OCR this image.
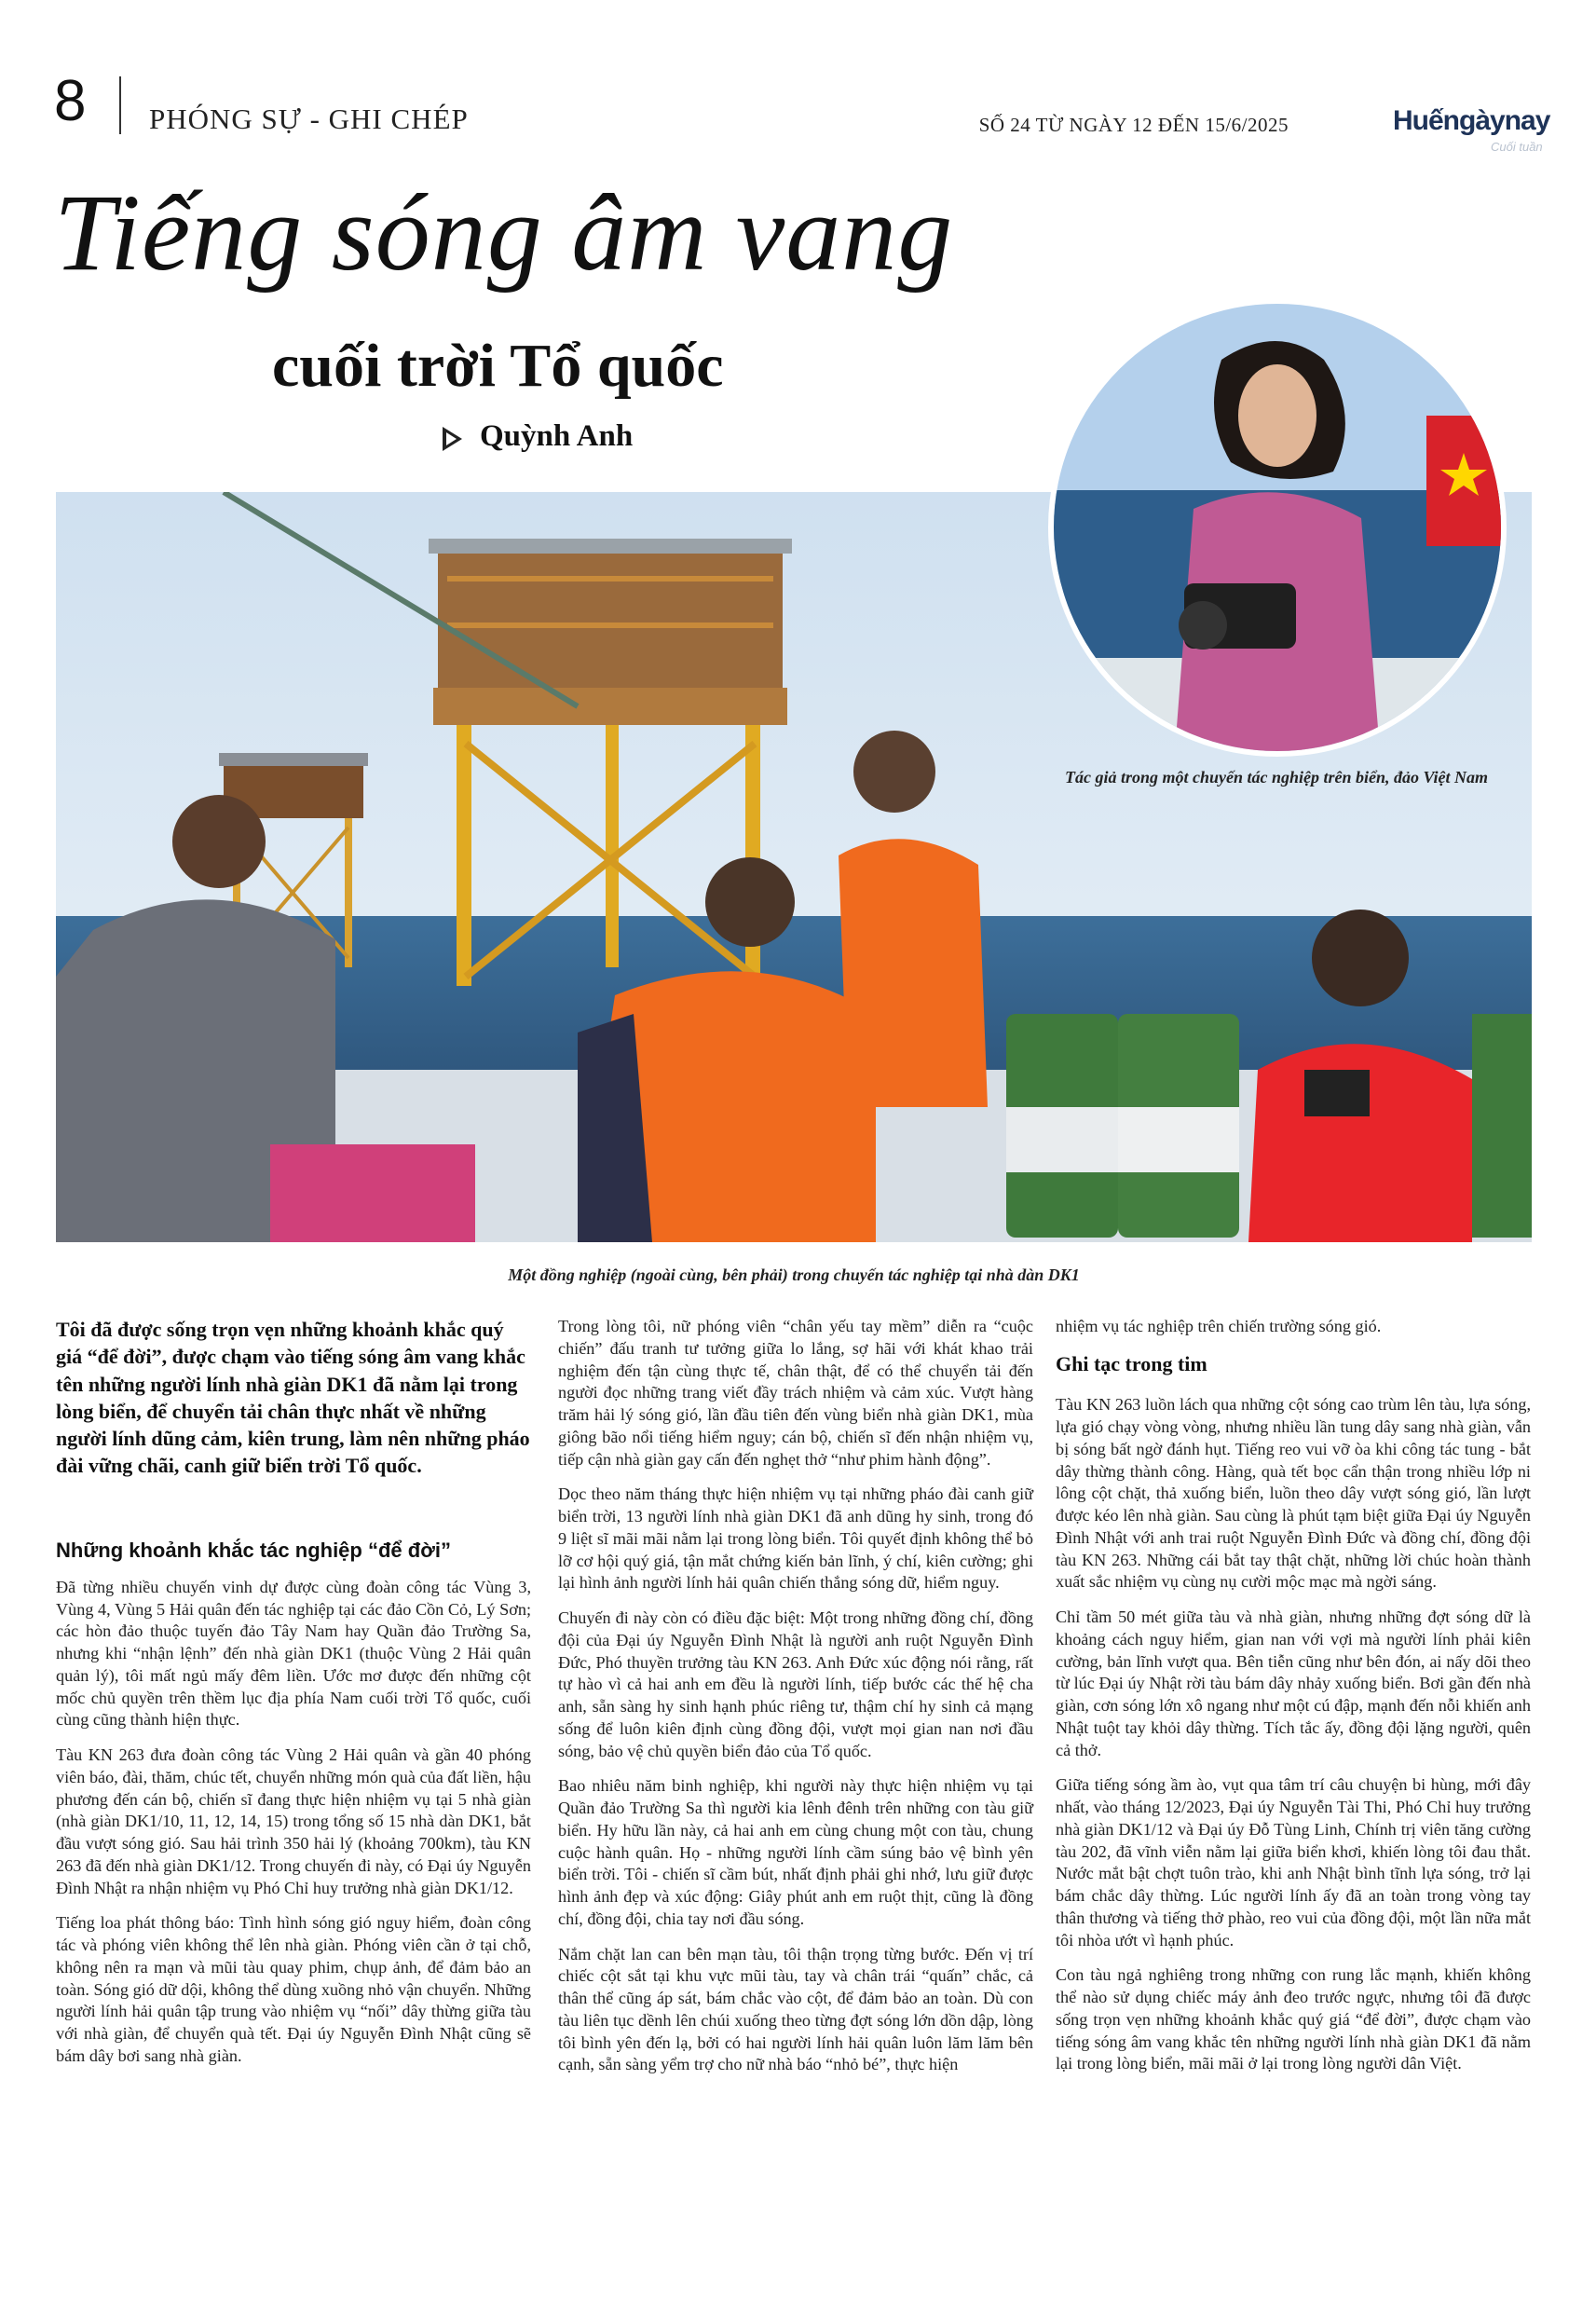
8 PHÓNG SỰ - GHI CHÉP	SỐ 24 TỪ NGÀY 12 ĐẾN 15/6/2025	Huếngàynay
Cuối tuần
Tiếng sóng âm vang
cuối trời Tổ quốc
Quỳnh Anh
Tác giả trong một chuyến tác nghiệp trên biển, đảo Việt Nam
Một đồng nghiệp (ngoài cùng, bên phải) trong chuyến tác nghiệp tại nhà dàn DK1

Tôi đã được sống trọn vẹn những khoảnh khắc quý giá “để đời”, được chạm vào tiếng sóng âm vang khắc tên những người lính nhà giàn DK1 đã nằm lại trong lòng biển, để chuyển tải chân thực nhất về những người lính dũng cảm, kiên trung, làm nên những pháo đài vững chãi, canh giữ biển trời Tổ quốc.

Những khoảnh khắc tác nghiệp “để đời”

Đã từng nhiều chuyến vinh dự được cùng đoàn công tác Vùng 3, Vùng 4, Vùng 5 Hải quân đến tác nghiệp tại các đảo Cồn Cỏ, Lý Sơn; các hòn đảo thuộc tuyến đảo Tây Nam hay Quần đảo Trường Sa, nhưng khi “nhận lệnh” đến nhà giàn DK1 (thuộc Vùng 2 Hải quân quản lý), tôi mất ngủ mấy đêm liền. Ước mơ được đến những cột mốc chủ quyền trên thềm lục địa phía Nam cuối trời Tổ quốc, cuối cùng cũng thành hiện thực.

Tàu KN 263 đưa đoàn công tác Vùng 2 Hải quân và gần 40 phóng viên báo, đài, thăm, chúc tết, chuyển những món quà của đất liền, hậu phương đến cán bộ, chiến sĩ đang thực hiện nhiệm vụ tại 5 nhà giàn (nhà giàn DK1/10, 11, 12, 14, 15) trong tổng số 15 nhà dàn DK1, bắt đầu vượt sóng gió. Sau hải trình 350 hải lý (khoảng 700km), tàu KN 263 đã đến nhà giàn DK1/12. Trong chuyến đi này, có Đại úy Nguyễn Đình Nhật ra nhận nhiệm vụ Phó Chỉ huy trưởng nhà giàn DK1/12.

Tiếng loa phát thông báo: Tình hình sóng gió nguy hiểm, đoàn công tác và phóng viên không thể lên nhà giàn. Phóng viên cần ở tại chỗ, không nên ra mạn và mũi tàu quay phim, chụp ảnh, để đảm bảo an toàn. Sóng gió dữ dội, không thể dùng xuồng nhỏ vận chuyển. Những người lính hải quân tập trung vào nhiệm vụ “nối” dây thừng giữa tàu với nhà giàn, để chuyển quà tết. Đại úy Nguyễn Đình Nhật cũng sẽ bám dây bơi sang nhà giàn.

Trong lòng tôi, nữ phóng viên “chân yếu tay mềm” diễn ra “cuộc chiến” đấu tranh tư tưởng giữa lo lắng, sợ hãi với khát khao trải nghiệm đến tận cùng thực tế, chân thật, để có thể chuyển tải đến người đọc những trang viết đầy trách nhiệm và cảm xúc. Vượt hàng trăm hải lý sóng gió, lần đầu tiên đến vùng biển nhà giàn DK1, mùa giông bão nổi tiếng hiểm nguy; cán bộ, chiến sĩ đến nhận nhiệm vụ, tiếp cận nhà giàn gay cấn đến nghẹt thở “như phim hành động”.

Dọc theo năm tháng thực hiện nhiệm vụ tại những pháo đài canh giữ biển trời, 13 người lính nhà giàn DK1 đã anh dũng hy sinh, trong đó 9 liệt sĩ mãi mãi nằm lại trong lòng biển. Tôi quyết định không thể bỏ lỡ cơ hội quý giá, tận mắt chứng kiến bản lĩnh, ý chí, kiên cường; ghi lại hình ảnh người lính hải quân chiến thắng sóng dữ, hiểm nguy.

Chuyến đi này còn có điều đặc biệt: Một trong những đồng chí, đồng đội của Đại úy Nguyễn Đình Nhật là người anh ruột Nguyễn Đình Đức, Phó thuyền trưởng tàu KN 263. Anh Đức xúc động nói rằng, rất tự hào vì cả hai anh em đều là người lính, tiếp bước các thế hệ cha anh, sẵn sàng hy sinh hạnh phúc riêng tư, thậm chí hy sinh cả mạng sống để luôn kiên định cùng đồng đội, vượt mọi gian nan nơi đầu sóng, bảo vệ chủ quyền biển đảo của Tổ quốc.

Bao nhiêu năm binh nghiệp, khi người này thực hiện nhiệm vụ tại Quần đảo Trường Sa thì người kia lênh đênh trên những con tàu giữ biển. Hy hữu lần này, cả hai anh em cùng chung một con tàu, chung cuộc hành quân. Họ - những người lính cầm súng bảo vệ bình yên biển trời. Tôi - chiến sĩ cầm bút, nhất định phải ghi nhớ, lưu giữ được hình ảnh đẹp và xúc động: Giây phút anh em ruột thịt, cũng là đồng chí, đồng đội, chia tay nơi đầu sóng.

Nắm chặt lan can bên mạn tàu, tôi thận trọng từng bước. Đến vị trí chiếc cột sắt tại khu vực mũi tàu, tay và chân trái “quấn” chắc, cả thân thể cũng áp sát, bám chắc vào cột, để đảm bảo an toàn. Dù con tàu liên tục dềnh lên chúi xuống theo từng đợt sóng lớn dồn dập, lòng tôi bình yên đến lạ, bởi có hai người lính hải quân luôn lăm lăm bên cạnh, sẵn sàng yểm trợ cho nữ nhà báo “nhỏ bé”, thực hiện

nhiệm vụ tác nghiệp trên chiến trường sóng gió.

Ghi tạc trong tim

Tàu KN 263 luồn lách qua những cột sóng cao trùm lên tàu, lựa sóng, lựa gió chạy vòng vòng, nhưng nhiều lần tung dây sang nhà giàn, vẫn bị sóng bất ngờ đánh hụt. Tiếng reo vui vỡ òa khi công tác tung - bắt dây thừng thành công. Hàng, quà tết bọc cẩn thận trong nhiều lớp ni lông cột chặt, thả xuống biển, luồn theo dây vượt sóng gió, lần lượt được kéo lên nhà giàn. Sau cùng là phút tạm biệt giữa Đại úy Nguyễn Đình Nhật với anh trai ruột Nguyễn Đình Đức và đồng chí, đồng đội tàu KN 263. Những cái bắt tay thật chặt, những lời chúc hoàn thành xuất sắc nhiệm vụ cùng nụ cười mộc mạc mà ngời sáng.

Chỉ tầm 50 mét giữa tàu và nhà giàn, nhưng những đợt sóng dữ là khoảng cách nguy hiểm, gian nan với vợi mà người lính phải kiên cường, bản lĩnh vượt qua. Bên tiễn cũng như bên đón, ai nấy dõi theo từ lúc Đại úy Nhật rời tàu bám dây nhảy xuống biển. Bơi gần đến nhà giàn, cơn sóng lớn xô ngang như một cú đập, mạnh đến nỗi khiến anh Nhật tuột tay khỏi dây thừng. Tích tắc ấy, đồng đội lặng người, quên cả thở.

Giữa tiếng sóng ầm ào, vụt qua tâm trí câu chuyện bi hùng, mới đây nhất, vào tháng 12/2023, Đại úy Nguyễn Tài Thi, Phó Chỉ huy trưởng nhà giàn DK1/12 và Đại úy Đỗ Tùng Linh, Chính trị viên tăng cường tàu 202, đã vĩnh viễn nằm lại giữa biển khơi, khiến lòng tôi đau thắt. Nước mắt bật chợt tuôn trào, khi anh Nhật bình tĩnh lựa sóng, trở lại bám chắc dây thừng. Lúc người lính ấy đã an toàn trong vòng tay thân thương và tiếng thở phào, reo vui của đồng đội, một lần nữa mắt tôi nhòa ướt vì hạnh phúc.

Con tàu ngả nghiêng trong những con rung lắc mạnh, khiến không thể nào sử dụng chiếc máy ảnh đeo trước ngực, nhưng tôi đã được sống trọn vẹn những khoảnh khắc quý giá “để đời”, được chạm vào tiếng sóng âm vang khắc tên những người lính nhà giàn DK1 đã nằm lại trong lòng biển, mãi mãi ở lại trong lòng người dân Việt.
